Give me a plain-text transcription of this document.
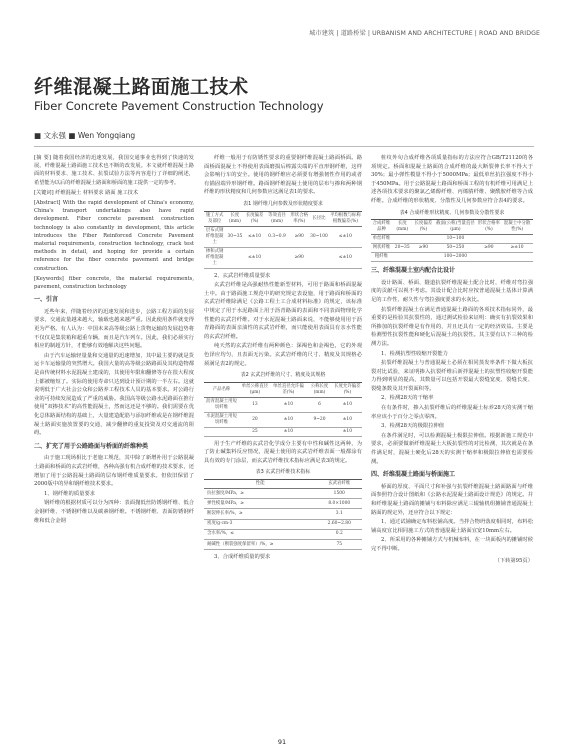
城市建筑 | 道路桥梁 | URBANISM AND ARCHITECTURE | ROAD AND BRIDGE
纤维混凝土路面施工技术
Fiber Concrete Pavement Construction Technology
■ 文永强 ■ Wen Yongqiang

[摘 要] 随着我国经济的迅速发展，我国交通事业也得到了快速的发展。纤维混凝土路面施工技术也不断的改发展。本文就纤维混凝土路面的材料要求、施工技术、抗裂试验方法等内容进行了详细的阐述，希望能为以后的纤维混凝土路面和桥面的施工提供一定的参考。

[关键词] 纤维混凝土 材料要求 路面 施工技术

[Abstract] With the rapid development of China's economy, China's transport undertakings also have rapid development. Fiber concrete pavement construction technology is also constantly in development, this article introduces the Fiber Reinforced Concrete Pavement material requirements, construction technology, crack test methods in detail, and hoping for provide a certain reference for the fiber concrete pavement and bridge construction.

[Keywords] fiber concrete, the material requirements, pavement, construction technology

一、引言

近些年来，伴随着经济的迅速发展和进步，公路工程方面的发展要求，交通流量越来越大，轴载也越来越严重。因此使用条件就变得更为严格。有人认为：中国未来高等级公路上货物运输的发展趋势将不仅仅是集装箱和超重车辆，而且是汽车列车。因此，我们必须实行相应的制超方针，才能够有效地解决这些问题。

由于汽车运输轻量量和交通量的迅速增加，其中最主要的就是货运卡车运输量的突然增大。我国大量的高等级公路路面及其构造物都是由传统材料水泥混凝土建成的，其使用年限和翻修等存在很大程度上都被缩短了。实际的使用寿命只达到设计预计期的一半左右。这就说明低于广大社会公众和公路养工程技术人员的基本要求。对公路行业的可持续发展造成了严重的威胁。我国高等级公路水泥路面在推行使用“双掺技术”的高性能混凝土，然而这还是不够的。我们需要在优化总体路面结构的基础上，大量建造配筋与添加纤维或是在钢纤维混凝土路面实施放置要的交通，减少翻修的重复投资及对交通流的阻碍。

二、扩充了用于公路路面与桥面的纤维种类

由于施工现场相比于老施工规范，其中除了新增补用于公路混凝土路面和桥面的玄武岩纤维，各种高强有机合成纤维的技术要求，还增加了用于公路混凝土路面的层布钢纤维质量要求。但依旧保留了2000版中的异和钢纤维技术要求。

1、钢纤维的质量要求

钢纤维的根据材质可以分为四种：表面抛低丝防锈钢纤维、低合金钢纤维、不锈钢纤维以及碳素钢纤维。不锈钢纤维、表面防锈钢纤维和低合金钢

纤维一般用于有防锈性要求的重要钢纤维混凝土路面桥面。路面桥面混凝土不得使用表面磨损后棒露尖端的平直形钢纤维，这样会影响行车的安全。使用的钢纤维应必须要有增强韧性作用的或者有锚固端异形钢纤维。路面钢纤维混凝土使用的层布与掺和两种钢纤维的形状精度和几何参数应这满足表1的要求。

表1 钢纤维几何参数及形状精度要求
施工方式及部位	长度(mm)	长度偏差(%)	等效直径(mm)	形状合格率(%)	长径比	平均根数与标称根数偏差(%)
层布式钢纤维混凝土	30~35	≤±10	0.3~0.9	≥90	30~100	≤±10
掺和式钢纤维混凝土		≤±10		≥90		≤±10
2、玄武岩纤维质量要求

玄武岩纤维是高强耐热性能新型材料，可用于路面和桥面混凝土中。由于路面施工规范中的研究规定表设施，用于路面和桥面的玄武岩纤维除满足《公路工程土工合成材料标准》的规定，该标准中规定了用于水泥路面上用于沥青路面的表面和不同表面物理化学性能的玄武岩纤维。对于水泥混凝土路面来说，不能够使用用于沥青路面的表面亲油性的玄武岩纤维，而只能使用表面具有亲水性能的玄武岩纤维。

纯天然的玄武岩纤维有两种颜色：深褐色和金褐色，它的外观色泽应均匀，且表面无污染。玄武岩纤维的尺寸、精度及其规格必须满足表2的规定。

表2 玄武岩纤维的尺寸、精度及其规格
产品名称	单丝公称直径(μm)	单丝直径允许偏差(%)	公称长度(mm)	长度允许偏差(%)
沥青混凝土用短切纤维	13	±10	6	±10
水泥混凝土用短切纤维	20	±10	9~20	±10
	25	±10		±10

用于生产纤维的玄武岩化学成分主要有中性和碱性这两种，为了防止碱集料反应情况，混凝土使用的玄武岩纤维表面一般都涂有具有效的专门涂层，而玄武岩纤维技术指标应满足表3的规定。

表3 玄武岩纤维技术指标
性能	玄武岩纤维
抗拉强度/MPa，≥	1500
弹性模量/MPa，≥	8.0×1000
断裂伸长率/%，≥	3.1
密度/g·cm-3	2.60~2.80
含水率/%，≤	0.2
耐碱性（断裂强度保留率）/%，≥	75
3、合成纤维质量的要求

桩纹外旬合成纤维各项质量指标的方法应符合GB/T21120的各项规定。桥面和混凝土路面的合成纤维的最大断裂伸长率不得大于30%；最小弹性模量不得小于5000MPa；最低单丝抗拉强度不得小于450MPa。用于公路混凝土路面和桥面工程的有机纤维可用满足上述各项技术要求的聚氯乙烯醇纤维、丙烯腈纤维、聚酰胺纤维等合成纤维。合成纤维的形状精度、分散性及几何参数应符合表4的要求。

表4 合成纤维形状精度、几何参数及分散性要求
合成纤维品种	长度(mm)	长度偏差(%)	截面(公称)当量直径(μm)	形状合格率(%)	混凝土中分散性(%)
单丝纤维			10~100		
网状纤维	20~35	≥90	50~250	≥90	≥±10
粗纤维			100~2000		
三、纤维混凝土室内配合比设计

设计路面、桥面、隧道抗裂纤维混凝土配合比时，纤维对弯拉强度的贡献可以视不考虑。其设计配合比时应按普通混凝土基体计算满足的工作性、耐久性与弯拉强度要求的水灰比。

抗裂纤维混凝土在满足普通混凝土路面的各项技术指标同外，最重要的是检验其抗裂性的，通过测试检验来证明：确实有抗裂效果和所掺加的抗裂纤维是有作用的，并且还具有一定的经济效益。主要是检测塑性抗裂性能和硬化后混凝土的抗裂性。其主要有以下三种的检测方法。

1、检测抗塑性收缩开裂能力

抗裂纤维混凝土与普通混凝土必须在相同蒸发率条件下做大板抗裂对比试验，来证明掺入抗裂纤维后新拌混凝土的抗塑性收缩开裂能力得到明显的提高，其数量可以包括开裂最大裂缝宽度、裂缝长度、裂缝条数及其开裂面积等。

2、检测28天的干缩率

在有条件时，掺入抗裂纤维后的纤维混凝土标养28天的实测干缩率应该小于百分之零点零四。

3、检测28天的极限拉伸值

在条件满足时，可以检测混凝土极限拉伸值。根据新施工规范中要求，必须要做新纤维混凝土大板抗裂性的对比检测，其次就是在条件满足时，混凝土硬化后28天的实测干缩率和极限拉伸值也需要检测。

四、纤维混凝土路面与桥面施工

桥面的厚度、平面尺寸和补强与抗裂纤维混凝土路面路面与纤维面参照符合设计图纸和《公路水泥混凝土路面设计规范》的规定。并和纤维混凝土路面的摊铺与布料除应满足三辊轴机组摊铺普通混凝土路面的规定外，还应符合以下规定：

1、通过试铺确定布料松铺高度。当拌合物坍落度相同时，布料松铺高度宜比相同施工方式的普通混凝土路面宜宽10mm左右。

2、所采用的各种摊铺方式与机械布料，在一块面板内的摊铺时候完不得中断。

（下转第95页）
91
